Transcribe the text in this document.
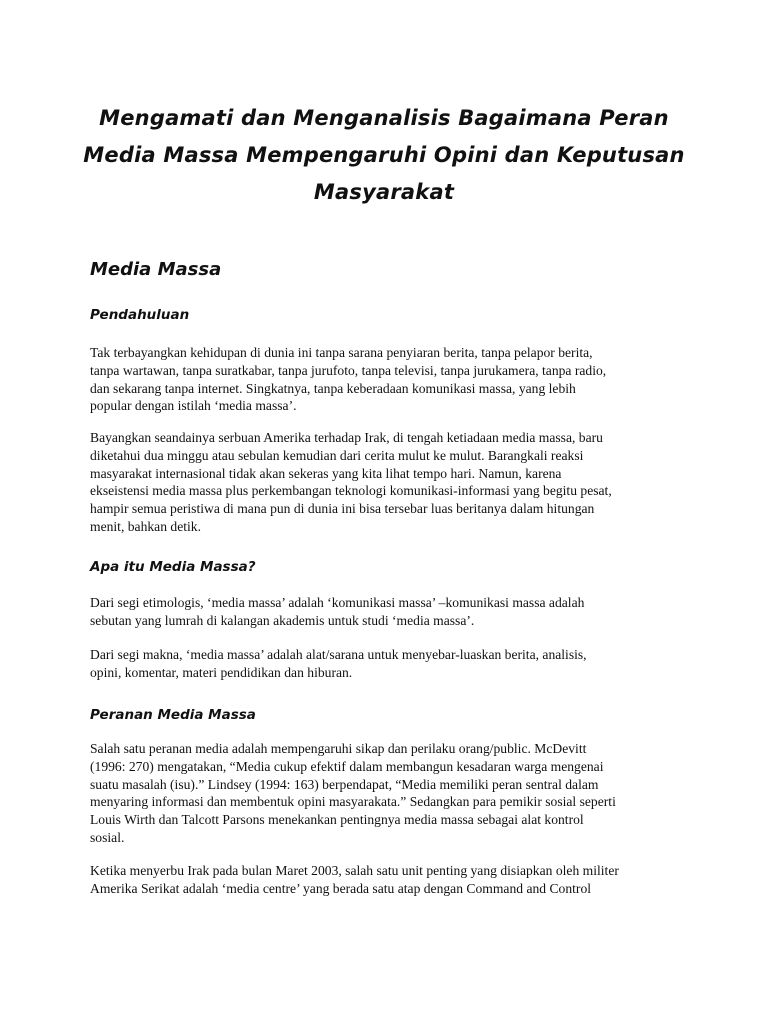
Mengamati dan Menganalisis Bagaimana Peran
Media Massa Mempengaruhi Opini dan Keputusan
Masyarakat
Media Massa
Pendahuluan

Tak terbayangkan kehidupan di dunia ini tanpa sarana penyiaran berita, tanpa pelapor berita,
tanpa wartawan, tanpa suratkabar, tanpa jurufoto, tanpa televisi, tanpa jurukamera, tanpa radio,
dan sekarang tanpa internet. Singkatnya, tanpa keberadaan komunikasi massa, yang lebih
popular dengan istilah ‘media massa’.

Bayangkan seandainya serbuan Amerika terhadap Irak, di tengah ketiadaan media massa, baru
diketahui dua minggu atau sebulan kemudian dari cerita mulut ke mulut. Barangkali reaksi
masyarakat internasional tidak akan sekeras yang kita lihat tempo hari. Namun, karena
ekseistensi media massa plus perkembangan teknologi komunikasi-informasi yang begitu pesat,
hampir semua peristiwa di mana pun di dunia ini bisa tersebar luas beritanya dalam hitungan
menit, bahkan detik.

Apa itu Media Massa?

Dari segi etimologis, ‘media massa’ adalah ‘komunikasi massa’ –komunikasi massa adalah
sebutan yang lumrah di kalangan akademis untuk studi ‘media massa’.

Dari segi makna, ‘media massa’ adalah alat/sarana untuk menyebar-luaskan berita, analisis,
opini, komentar, materi pendidikan dan hiburan.

Peranan Media Massa

Salah satu peranan media adalah mempengaruhi sikap dan perilaku orang/public. McDevitt
(1996: 270) mengatakan, “Media cukup efektif dalam membangun kesadaran warga mengenai
suatu masalah (isu).” Lindsey (1994: 163) berpendapat, “Media memiliki peran sentral dalam
menyaring informasi dan membentuk opini masyarakata.” Sedangkan para pemikir sosial seperti
Louis Wirth dan Talcott Parsons menekankan pentingnya media massa sebagai alat kontrol
sosial.

Ketika menyerbu Irak pada bulan Maret 2003, salah satu unit penting yang disiapkan oleh militer
Amerika Serikat adalah ‘media centre’ yang berada satu atap dengan Command and Control
